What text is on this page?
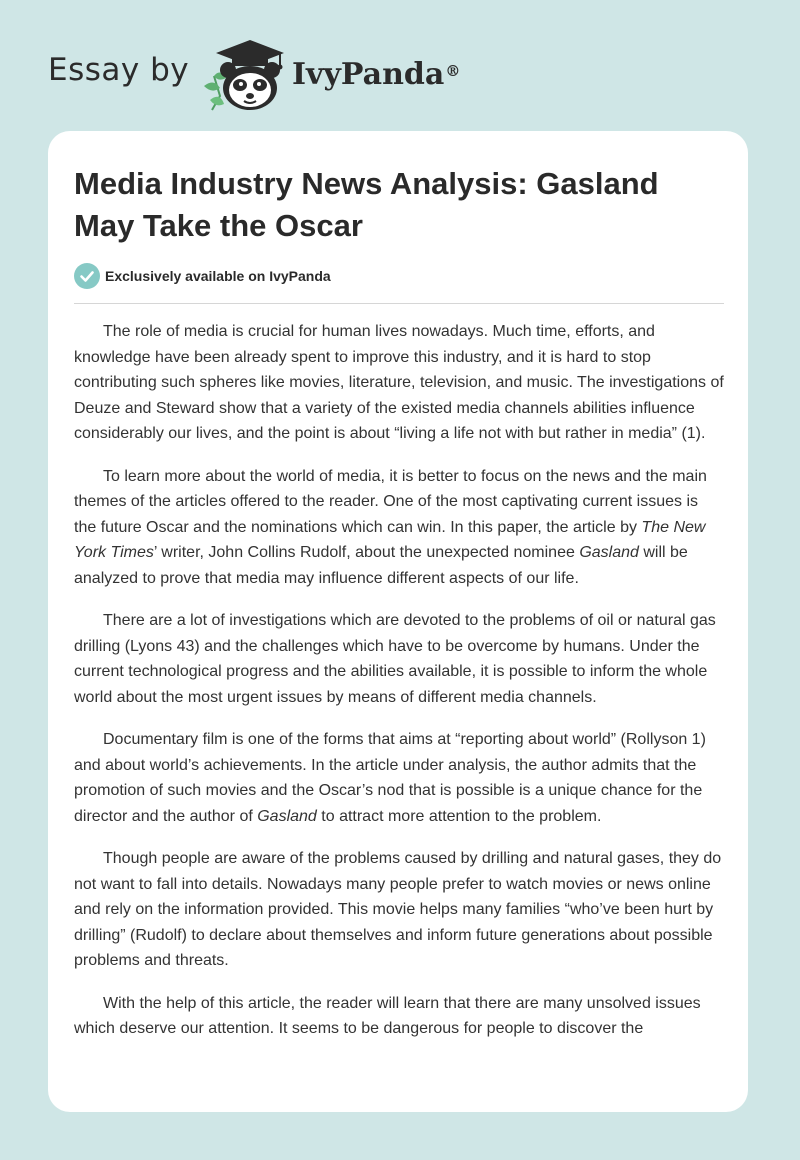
Essay by	IvyPanda®
Media Industry News Analysis: Gasland May Take the Oscar
Exclusively available on IvyPanda

The role of media is crucial for human lives nowadays. Much time, efforts, and knowledge have been already spent to improve this industry, and it is hard to stop contributing such spheres like movies, literature, television, and music. The investigations of Deuze and Steward show that a variety of the existed media channels abilities influence considerably our lives, and the point is about “living a life not with but rather in media” (1).

To learn more about the world of media, it is better to focus on the news and the main themes of the articles offered to the reader. One of the most captivating current issues is the future Oscar and the nominations which can win. In this paper, the article by The New York Times’ writer, John Collins Rudolf, about the unexpected nominee Gasland will be analyzed to prove that media may influence different aspects of our life.

There are a lot of investigations which are devoted to the problems of oil or natural gas drilling (Lyons 43) and the challenges which have to be overcome by humans. Under the current technological progress and the abilities available, it is possible to inform the whole world about the most urgent issues by means of different media channels.

Documentary film is one of the forms that aims at “reporting about world” (Rollyson 1) and about world’s achievements. In the article under analysis, the author admits that the promotion of such movies and the Oscar’s nod that is possible is a unique chance for the director and the author of Gasland to attract more attention to the problem.

Though people are aware of the problems caused by drilling and natural gases, they do not want to fall into details. Nowadays many people prefer to watch movies or news online and rely on the information provided. This movie helps many families “who’ve been hurt by drilling” (Rudolf) to declare about themselves and inform future generations about possible problems and threats.

With the help of this article, the reader will learn that there are many unsolved issues which deserve our attention. It seems to be dangerous for people to discover the
